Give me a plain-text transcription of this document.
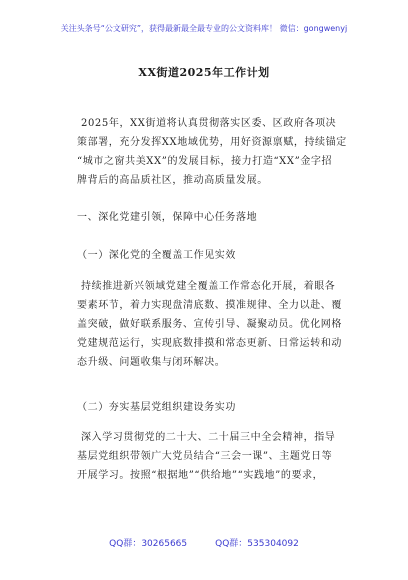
关注头条号“公文研究”，获得最新最全最专业的公文资料库！ 微信：gongwenyj
XX街道2025年工作计划
2025年，XX街道将认真贯彻落实区委、区政府各项决
策部署，充分发挥XX地域优势，用好资源禀赋，持续锚定
“城市之窗共美XX”的发展目标，接力打造“XX”金字招
牌背后的高品质社区，推动高质量发展。
一、深化党建引领，保障中心任务落地
（一）深化党的全覆盖工作见实效
持续推进新兴领域党建全覆盖工作常态化开展，着眼各
要素环节，着力实现盘清底数、摸准规律、全力以赴、覆
盖突破，做好联系服务、宣传引导、凝聚动员。优化网格
党建规范运行，实现底数排摸和常态更新、日常运转和动
态升级、问题收集与闭环解决。
（二）夯实基层党组织建设务实功
深入学习贯彻党的二十大、二十届三中全会精神，指导
基层党组织带领广大党员结合“三会一课”、主题党日等
开展学习。按照“根据地”“供给地”“实践地”的要求，
QQ群：30265665	QQ群：535304092
